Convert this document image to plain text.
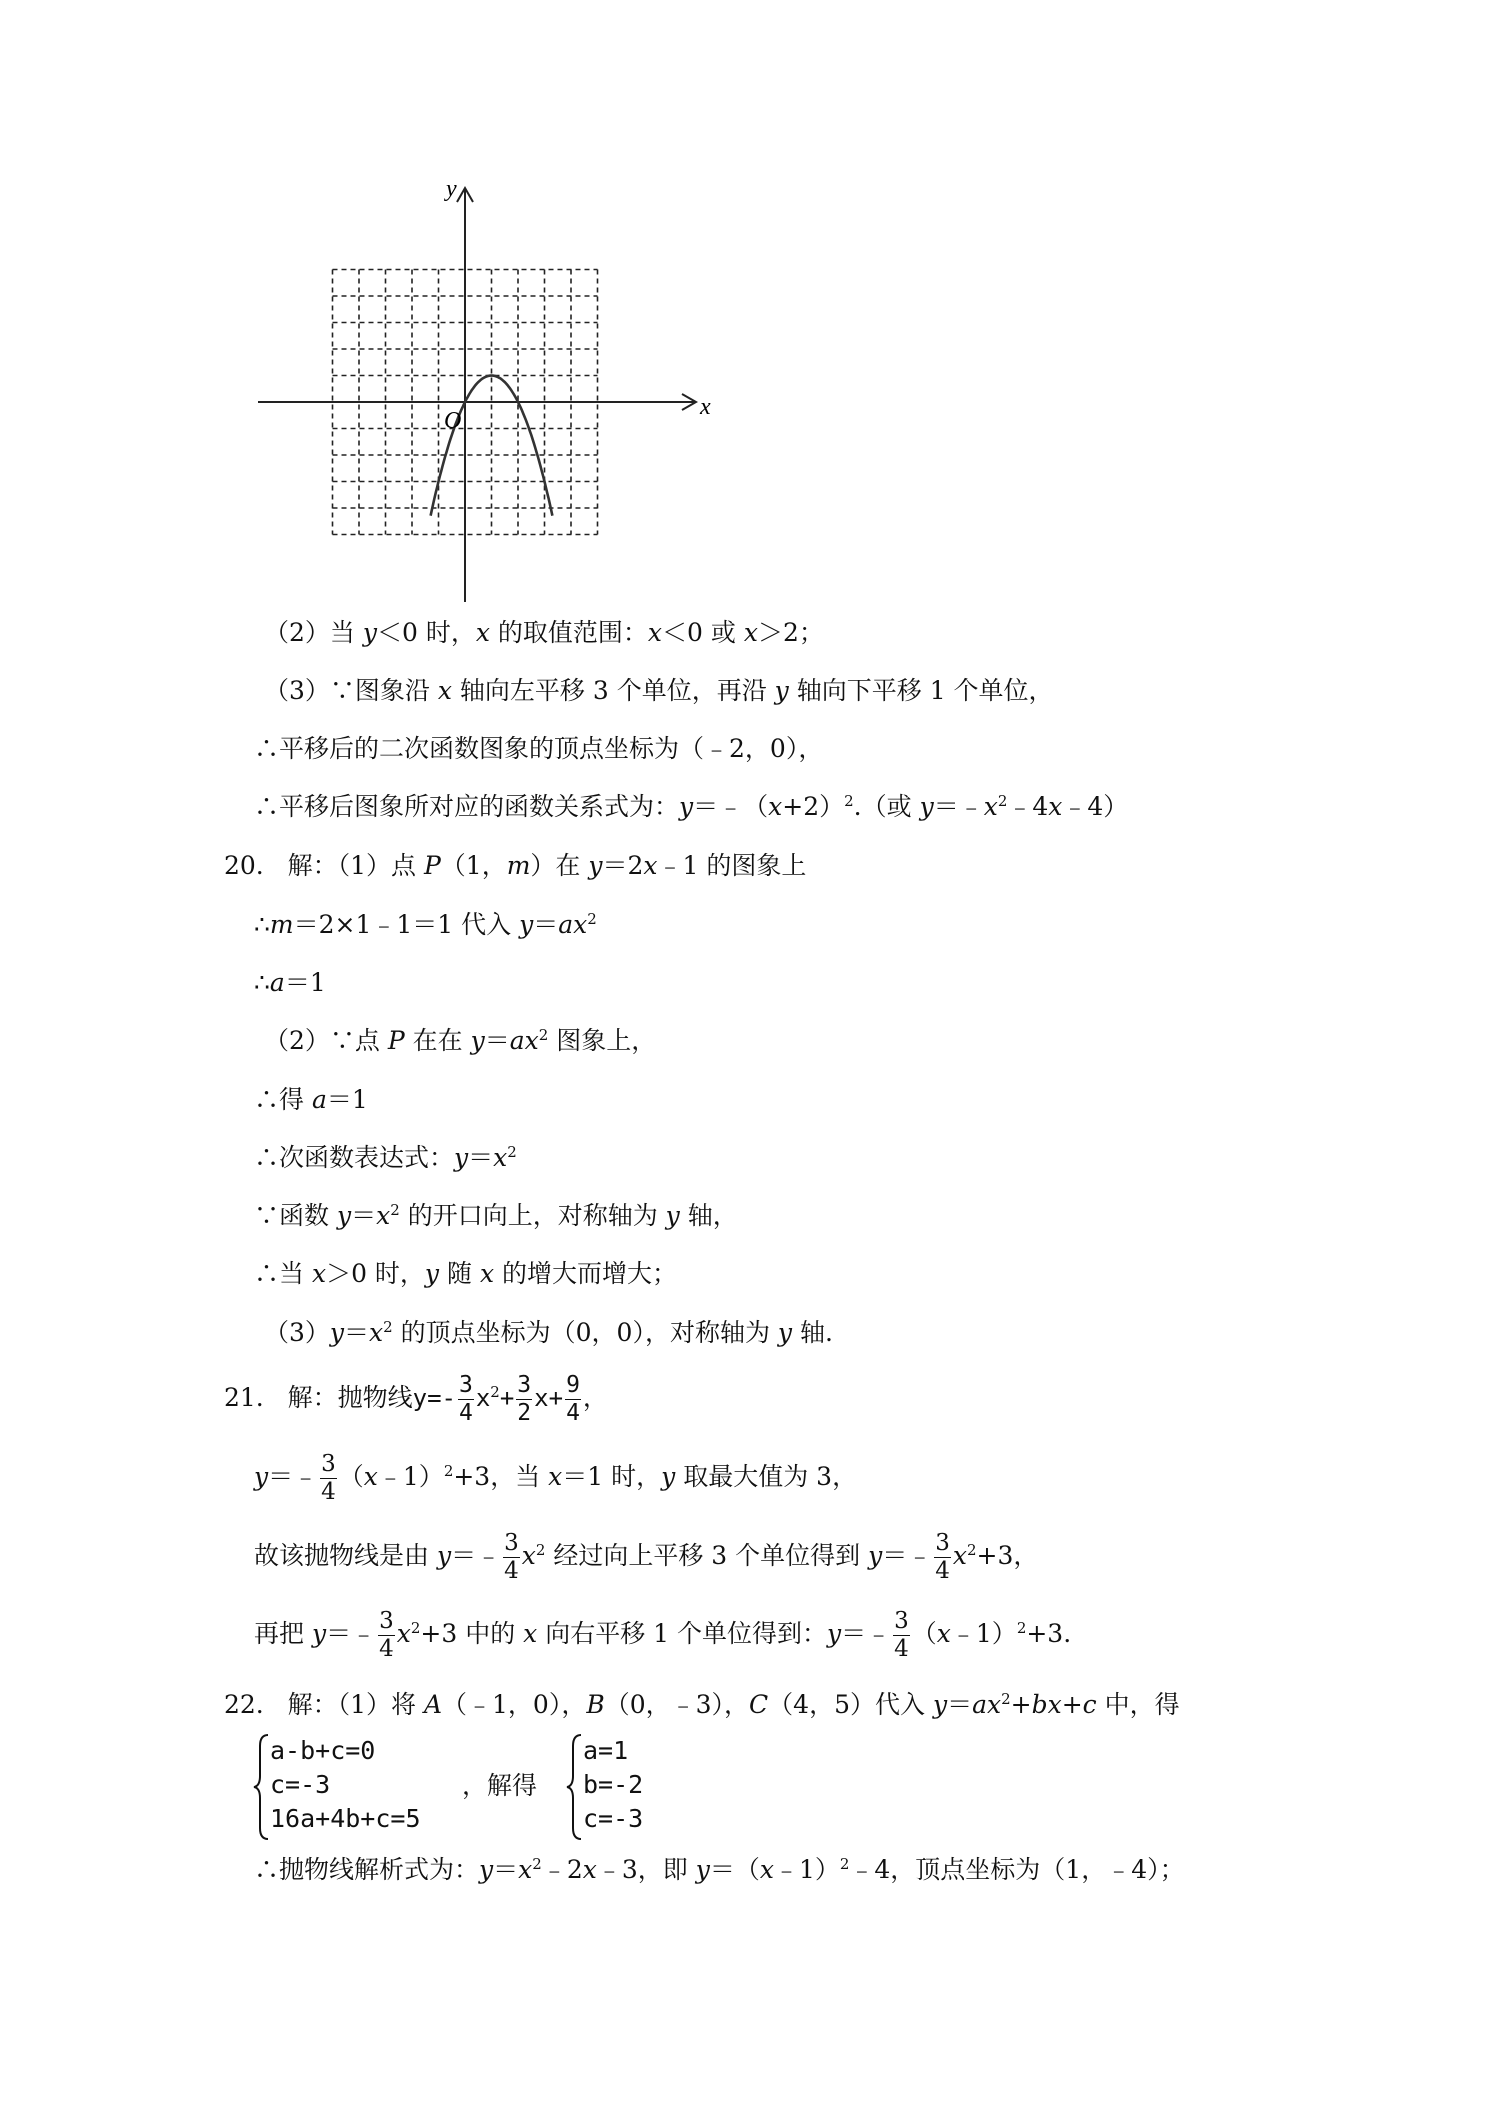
x
y
O
（2）当 y＜0 时，x 的取值范围：x＜0 或 x＞2；
（3）∵图象沿 x 轴向左平移 3 个单位，再沿 y 轴向下平移 1 个单位，
∴平移后的二次函数图象的顶点坐标为（﹣2，0），
∴平移后图象所对应的函数关系式为：$y=﹣(x+2)^2$.（或 $y=﹣x^2﹣4x﹣4$）
20. 解：（1）点 P（1，m）在 y＝2x﹣1 的图象上
∴m＝2×1﹣1＝1 代入 $y=ax^2$
∴a＝1
（2）∵点 P 在在 $y=ax^2$ 图象上，
∴得 a＝1
∴次函数表达式：$y=x^2$
∵函数 $y=x^2$ 的开口向上，对称轴为 y 轴，
∴当 x＞0 时，y 随 x 的增大而增大；
$(3)y=x^2$ 的顶点坐标为（0，0），对称轴为 y 轴.
21. 解：抛物线$y=- \frac{3}{4} x^2+ \frac{3}{2} x+ \frac{9}{4}$ ，
y＝﹣ $\frac{3}{4}$ （x﹣1）$^2$+3，当 x＝1 时，y 取最大值为 3，
故该抛物线是由 y＝﹣ $\frac{3}{4} x^2$ 经过向上平移 3 个单位得到 y＝﹣ $\frac{3}{4} x^2+3$，
再把 y＝﹣ $\frac{3}{4} x^2+3$ 中的 x 向右平移 1 个单位得到：y＝﹣ $\frac{3}{4}$ （x﹣1）$^2$+3.
22. 解：（1）将 A（﹣1，0），B（0，﹣3），C（4，5）代入 $y=ax^2+bx+c$ 中，得
a-b+c=0
c=-3
16a+4b+c=5
，解得
a=1
b=-2
c=-3
∴抛物线解析式为：$y=x^2﹣2x﹣3$，即 y＝（x﹣1）$^2$﹣4，顶点坐标为（1，﹣4）；
